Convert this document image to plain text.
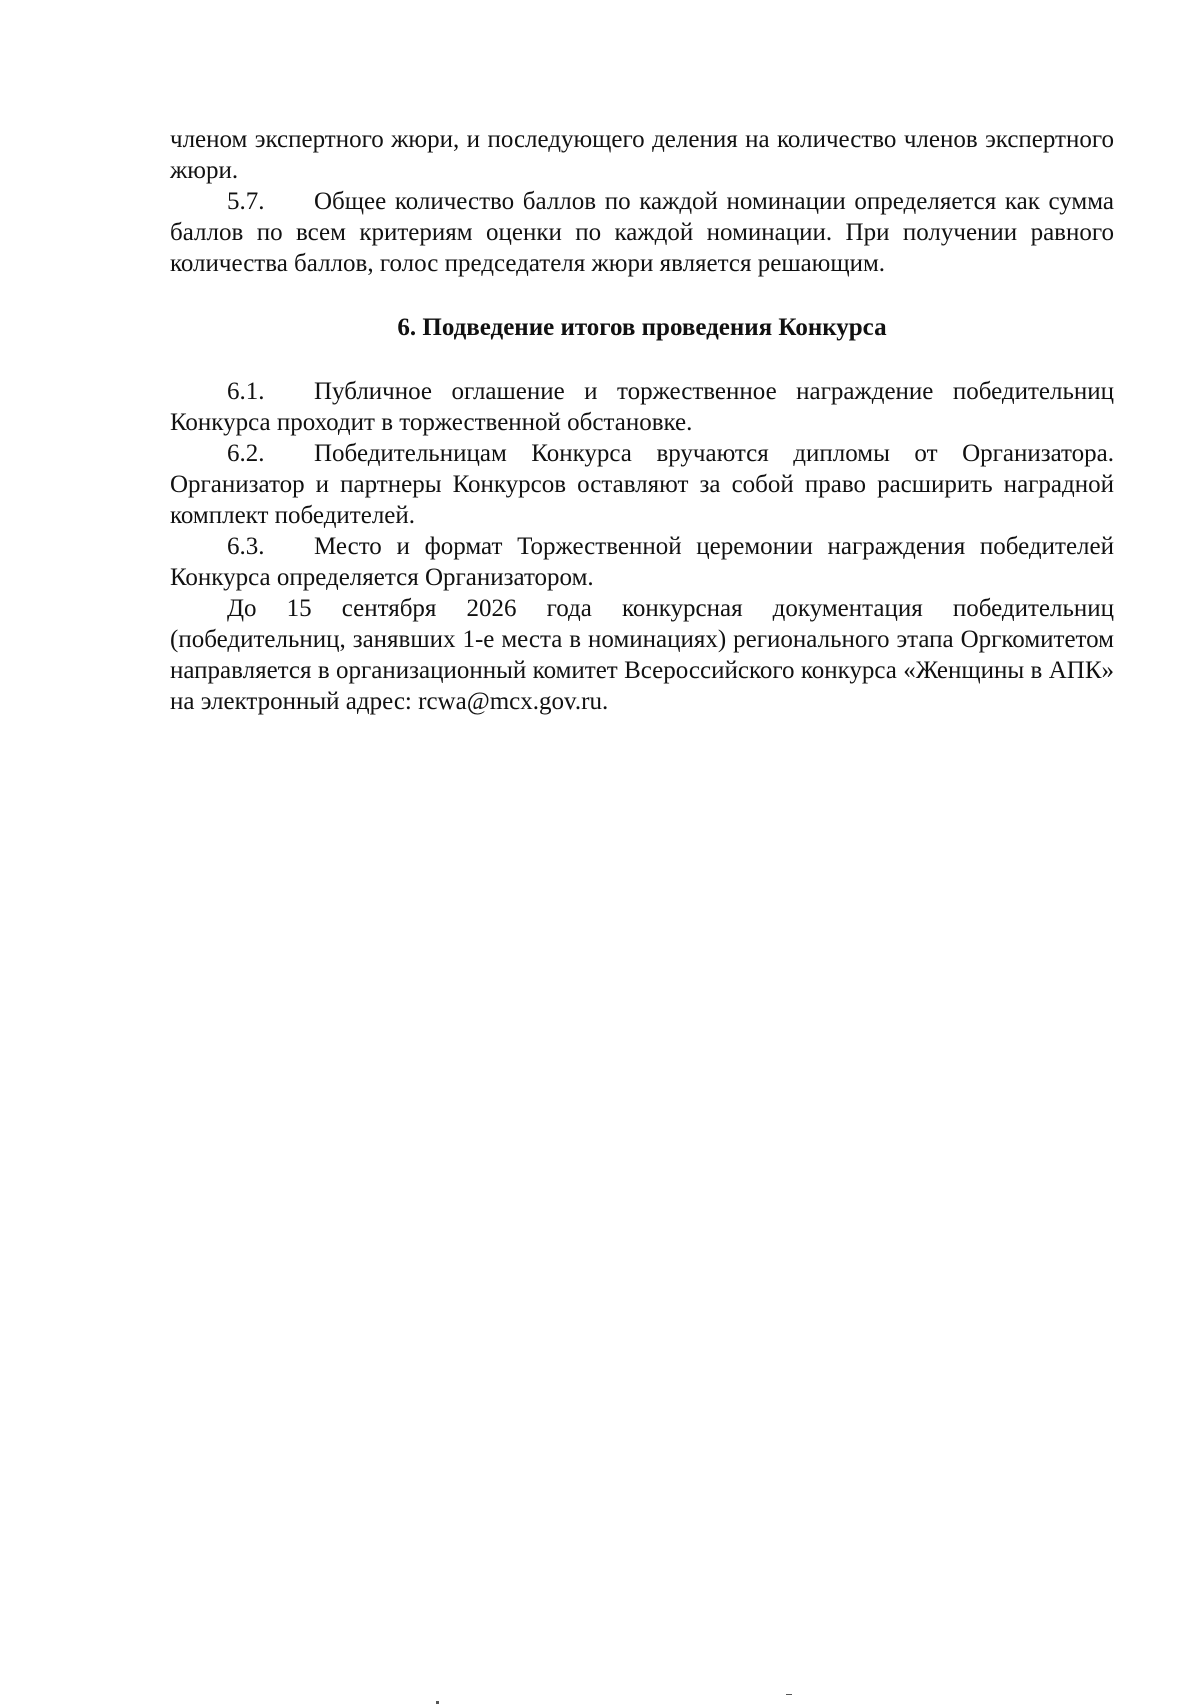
членом экспертного жюри, и последующего деления на количество членов экспертного жюри.

5.7. Общее количество баллов по каждой номинации определяется как сумма баллов по всем критериям оценки по каждой номинации. При получении равного количества баллов, голос председателя жюри является решающим.

6. Подведение итогов проведения Конкурса

6.1. Публичное оглашение и торжественное награждение победительниц Конкурса проходит в торжественной обстановке.

6.2. Победительницам Конкурса вручаются дипломы от Организатора. Организатор и партнеры Конкурсов оставляют за собой право расширить наградной комплект победителей.

6.3. Место и формат Торжественной церемонии награждения победителей Конкурса определяется Организатором.

До 15 сентября 2026 года конкурсная документация победительниц (победительниц, занявших 1-е места в номинациях) регионального этапа Оргкомитетом направляется в организационный комитет Всероссийского конкурса «Женщины в АПК» на электронный адрес: rcwa@mcx.gov.ru.
